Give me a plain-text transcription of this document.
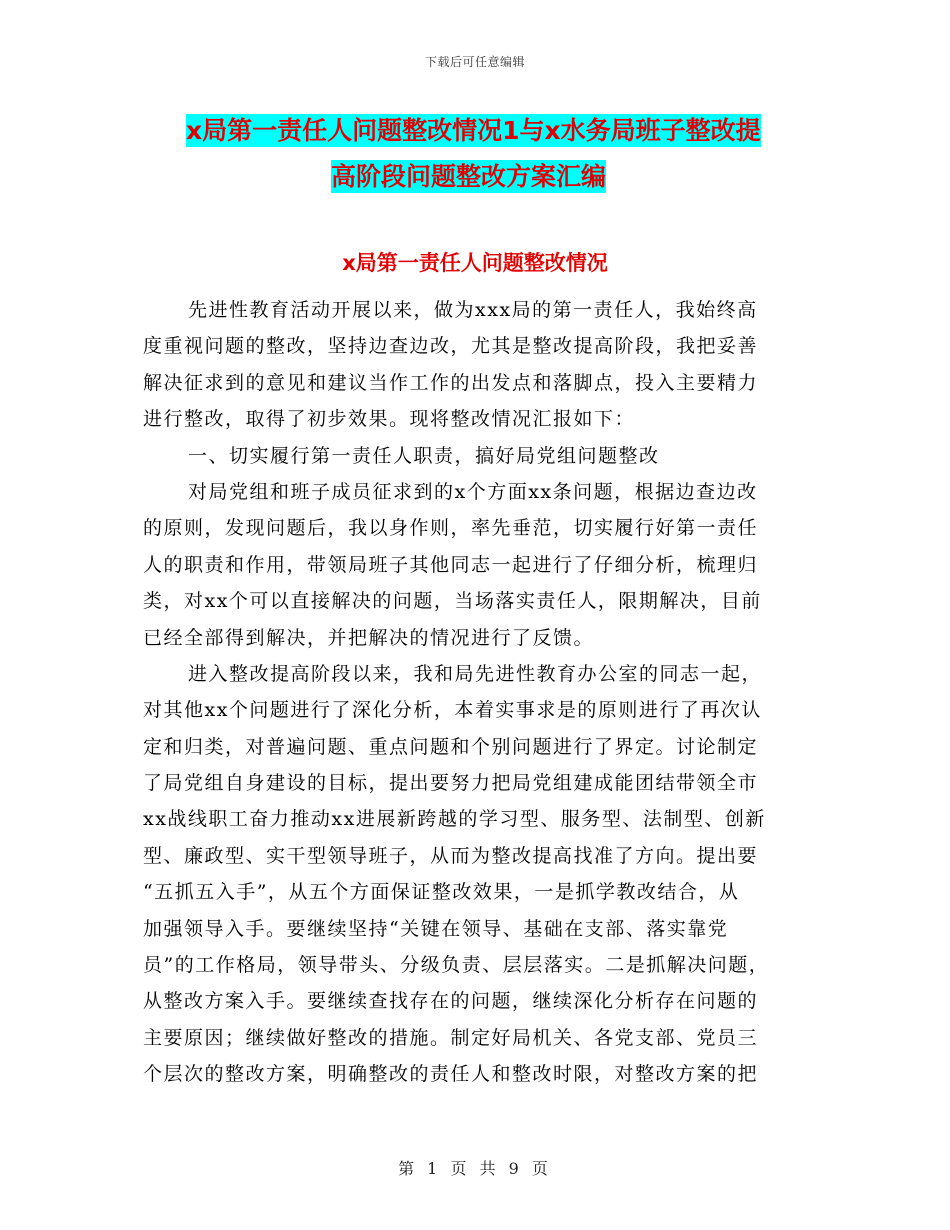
下载后可任意编辑
x局第一责任人问题整改情况1与x水务局班子整改提
高阶段问题整改方案汇编
x局第一责任人问题整改情况
先进性教育活动开展以来，做为xxx局的第一责任人，我始终高
度重视问题的整改，坚持边查边改，尤其是整改提高阶段，我把妥善
解决征求到的意见和建议当作工作的出发点和落脚点，投入主要精力
进行整改，取得了初步效果。现将整改情况汇报如下：
一、切实履行第一责任人职责，搞好局党组问题整改
对局党组和班子成员征求到的x个方面xx条问题，根据边查边改
的原则，发现问题后，我以身作则，率先垂范，切实履行好第一责任
人的职责和作用，带领局班子其他同志一起进行了仔细分析，梳理归
类，对xx个可以直接解决的问题，当场落实责任人，限期解决，目前
已经全部得到解决，并把解决的情况进行了反馈。
进入整改提高阶段以来，我和局先进性教育办公室的同志一起，
对其他xx个问题进行了深化分析，本着实事求是的原则进行了再次认
定和归类，对普遍问题、重点问题和个别问题进行了界定。讨论制定
了局党组自身建设的目标，提出要努力把局党组建成能团结带领全市
xx战线职工奋力推动xx进展新跨越的学习型、服务型、法制型、创新
型、廉政型、实干型领导班子，从而为整改提高找准了方向。提出要
“五抓五入手”，从五个方面保证整改效果，一是抓学教改结合，从
加强领导入手。要继续坚持“关键在领导、基础在支部、落实靠党
员”的工作格局，领导带头、分级负责、层层落实。二是抓解决问题，
从整改方案入手。要继续查找存在的问题，继续深化分析存在问题的
主要原因；继续做好整改的措施。制定好局机关、各党支部、党员三
个层次的整改方案，明确整改的责任人和整改时限，对整改方案的把
第 1 页 共 9 页
